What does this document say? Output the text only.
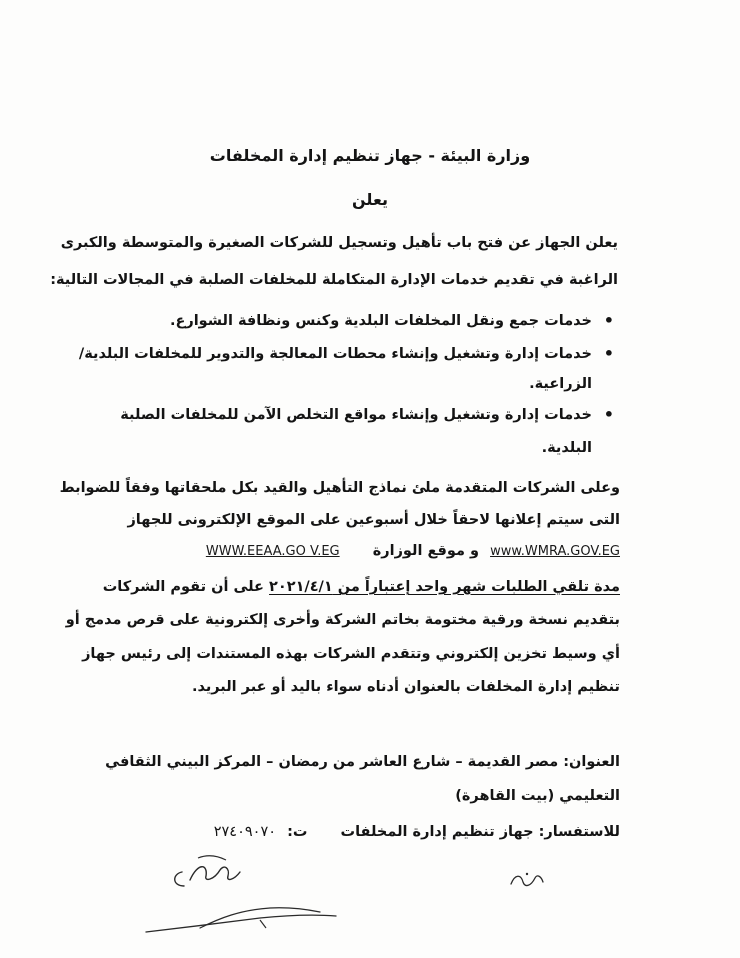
وزارة البيئة - جهاز تنظيم إدارة المخلفات
يعلن
يعلن الجهاز عن فتح باب تأهيل وتسجيل للشركات الصغيرة والمتوسطة والكبرى
الراغبة في تقديم خدمات الإدارة المتكاملة للمخلفات الصلبة في المجالات التالية:
•
خدمات جمع ونقل المخلفات البلدية وكنس ونظافة الشوارع.
•
خدمات إدارة وتشغيل وإنشاء محطات المعالجة والتدوير للمخلفات البلدية/
الزراعية.
•
خدمات إدارة وتشغيل وإنشاء مواقع التخلص الآمن للمخلفات الصلبة
البلدية.
وعلى الشركات المتقدمة ملئ نماذج التأهيل والقيد بكل ملحقاتها وفقاً للضوابط
التى سيتم إعلانها لاحقاً خلال أسبوعين على الموقع الإلكترونى للجهاز
www.WMRA.GOV.EG و موقع الوزارة WWW.EEAA.GO V.EG
مدة تلقي الطلبات شهر واحد إعتباراً من ٢٠٢١/٤/١ على أن تقوم الشركات
بتقديم نسخة ورقية مختومة بخاتم الشركة وأخرى إلكترونية على قرص مدمج أو
أي وسيط تخزين إلكتروني وتتقدم الشركات بهذه المستندات إلى رئيس جهاز
تنظيم إدارة المخلفات بالعنوان أدناه سواء باليد أو عبر البريد.
العنوان: مصر القديمة – شارع العاشر من رمضان – المركز البيني الثقافي
التعليمي (بيت القاهرة)
للاستفسار: جهاز تنظيم إدارة المخلفات ت: ٢٧٤٠٩٠٧٠
